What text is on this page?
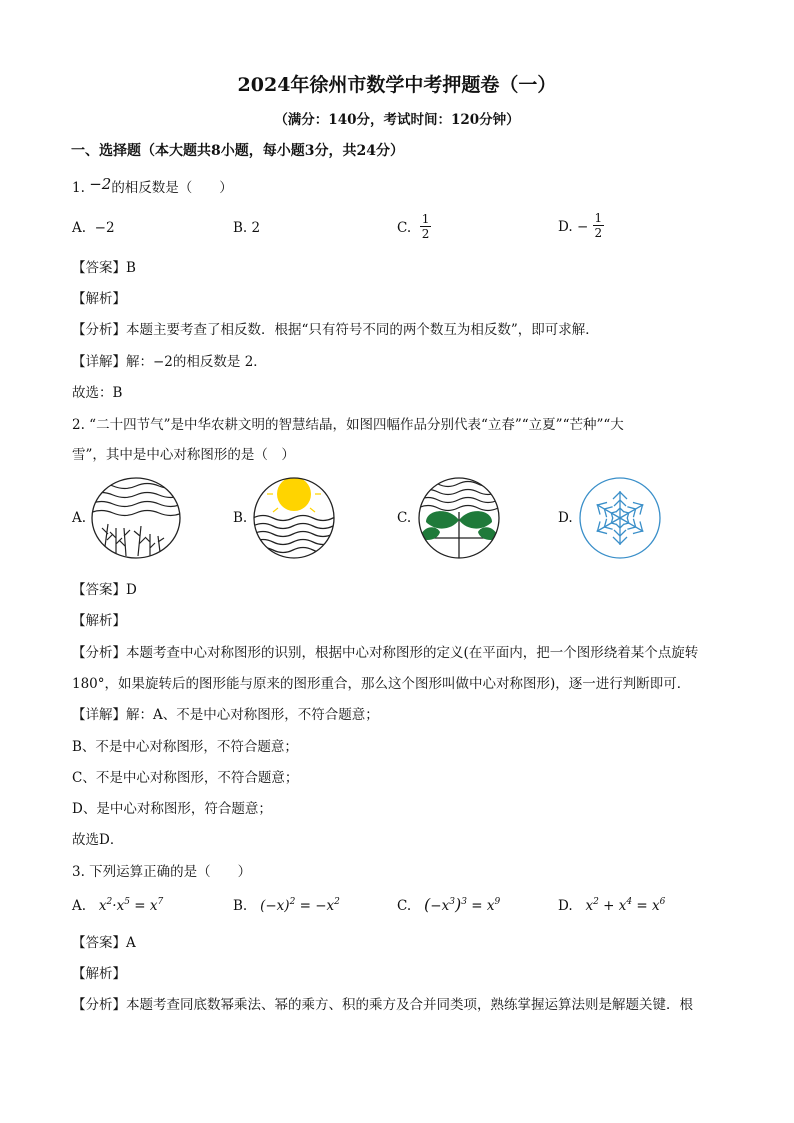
2024年徐州市数学中考押题卷（一）
（满分：140分，考试时间：120分钟）
一、选择题（本大题共8小题，每小题3分，共24分）
1. −2的相反数是（　　）
A. −2	B. 2	C. $\frac{1}{2}$	D. − $\frac{1}{2}$
【答案】B
【解析】
【分析】本题主要考查了相反数．根据“只有符号不同的两个数互为相反数”，即可求解．
【详解】解：−2的相反数是 2．
故选：B
2. “二十四节气”是中华农耕文明的智慧结晶，如图四幅作品分别代表“立春”“立夏”“芒种”“大
雪”，其中是中心对称图形的是（　）
A.	B.	C.	D.
【答案】D
【解析】
【分析】本题考查中心对称图形的识别，根据中心对称图形的定义(在平面内，把一个图形绕着某个点旋转
180°，如果旋转后的图形能与原来的图形重合，那么这个图形叫做中心对称图形)，逐一进行判断即可．
【详解】解：A、不是中心对称图形，不符合题意；
B、不是中心对称图形，不符合题意；
C、不是中心对称图形，不符合题意；
D、是中心对称图形，符合题意；
故选D．
3. 下列运算正确的是（　　）
A. $x^2\cdot x^5 = x^7$	B. $(-x)^2 = -x^2$	C. $(-x^3)^3 = x^9$	D. $x^2 + x^4 = x^6$
【答案】A
【解析】
【分析】本题考查同底数幂乘法、幂的乘方、积的乘方及合并同类项，熟练掌握运算法则是解题关键．根
